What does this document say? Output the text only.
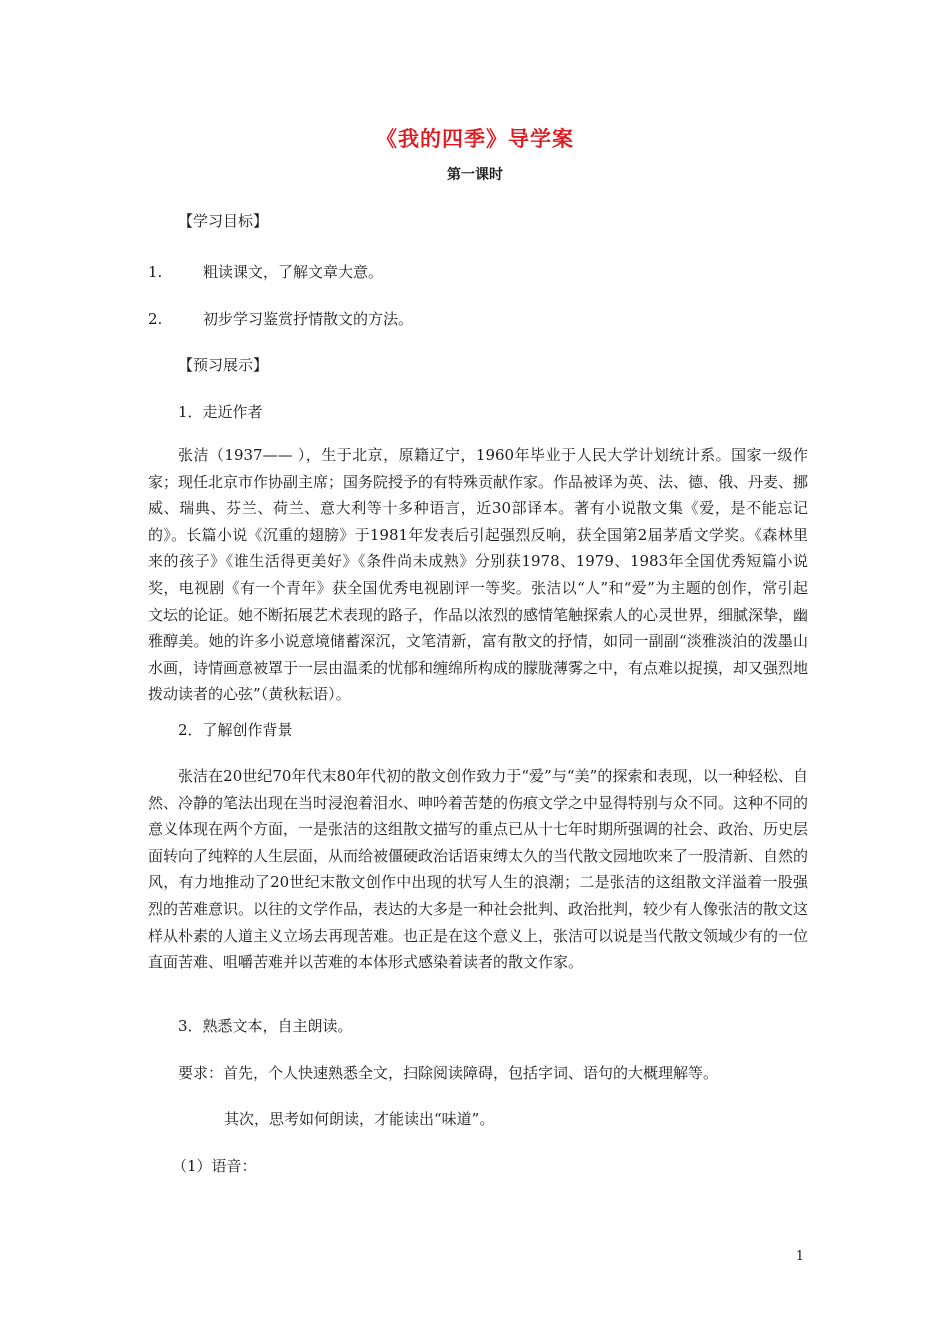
《我的四季》导学案
第一课时
【学习目标】
1.	粗读课文，了解文章大意。
2.	初步学习鉴赏抒情散文的方法。
【预习展示】
1．走近作者
张洁（1937—— ），生于北京，原籍辽宁，1960年毕业于人民大学计划统计系。国家一级作家；现任北京市作协副主席；国务院授予的有特殊贡献作家。作品被译为英、法、德、俄、丹麦、挪威、瑞典、芬兰、荷兰、意大利等十多种语言，近30部译本。著有小说散文集《爱，是不能忘记的》。长篇小说《沉重的翅膀》于1981年发表后引起强烈反响，获全国第2届茅盾文学奖。《森林里来的孩子》《谁生活得更美好》《条件尚未成熟》分别获1978、1979、1983年全国优秀短篇小说奖，电视剧《有一个青年》获全国优秀电视剧评一等奖。张洁以“人”和“爱”为主题的创作，常引起文坛的论证。她不断拓展艺术表现的路子，作品以浓烈的感情笔触探索人的心灵世界，细腻深挚，幽雅醇美。她的许多小说意境储蓄深沉，文笔清新，富有散文的抒情，如同一副副“淡雅淡泊的泼墨山水画，诗情画意被罩于一层由温柔的忧郁和缠绵所构成的朦胧薄雾之中，有点难以捉摸，却又强烈地拨动读者的心弦”（黄秋耘语）。
2．了解创作背景
张洁在20世纪70年代末80年代初的散文创作致力于“爱”与“美”的探索和表现，以一种轻松、自然、冷静的笔法出现在当时浸泡着泪水、呻吟着苦楚的伤痕文学之中显得特别与众不同。这种不同的意义体现在两个方面，一是张洁的这组散文描写的重点已从十七年时期所强调的社会、政治、历史层面转向了纯粹的人生层面，从而给被僵硬政治话语束缚太久的当代散文园地吹来了一股清新、自然的风，有力地推动了20世纪末散文创作中出现的状写人生的浪潮；二是张洁的这组散文洋溢着一股强烈的苦难意识。以往的文学作品，表达的大多是一种社会批判、政治批判，较少有人像张洁的散文这样从朴素的人道主义立场去再现苦难。也正是在这个意义上，张洁可以说是当代散文领域少有的一位直面苦难、咀嚼苦难并以苦难的本体形式感染着读者的散文作家。
3．熟悉文本，自主朗读。
要求：首先，个人快速熟悉全文，扫除阅读障碍，包括字词、语句的大概理解等。
其次，思考如何朗读，才能读出“味道”。
（1）语音：
1
